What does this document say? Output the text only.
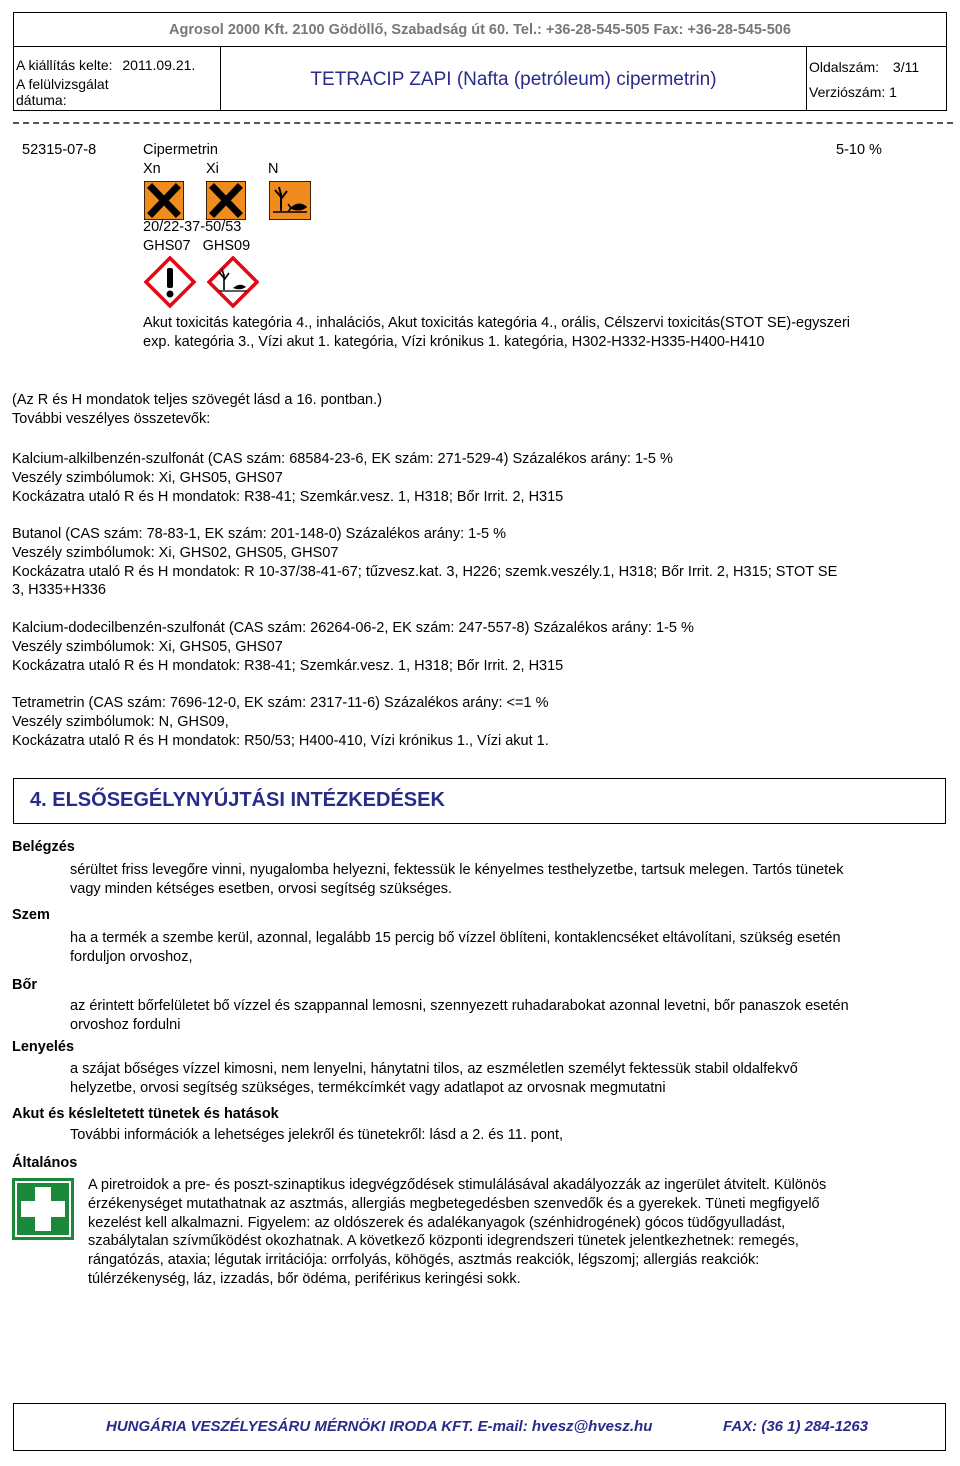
Agrosol 2000 Kft. 2100 Gödöllő, Szabadság út 60. Tel.: +36-28-545-505 Fax: +36-28-545-506
TETRACIP ZAPI (Nafta (petróleum) cipermetrin)
A kiállítás kelte: 2011.09.21.
A felülvizsgálat
dátuma:
Oldalszám: 3/11
Verziószám: 1
52315-07-8	Cipermetrin	5-10 %
Xn	Xi	N
20/22-37-50/53
GHS07   GHS09
Akut toxicitás kategória 4., inhalációs, Akut toxicitás kategória 4., orális, Célszervi toxicitás(STOT SE)-egyszeri
exp. kategória 3., Vízi akut 1. kategória, Vízi krónikus 1. kategória, H302-H332-H335-H400-H410
(Az R és H mondatok teljes szövegét lásd a 16. pontban.)
További veszélyes összetevők:
Kalcium-alkilbenzén-szulfonát (CAS szám: 68584-23-6, EK szám: 271-529-4) Százalékos arány: 1-5 %
Veszély szimbólumok: Xi, GHS05, GHS07
Kockázatra utaló R és H mondatok: R38-41; Szemkár.vesz. 1, H318; Bőr Irrit. 2, H315
Butanol (CAS szám: 78-83-1, EK szám: 201-148-0) Százalékos arány: 1-5 %
Veszély szimbólumok: Xi, GHS02, GHS05, GHS07
Kockázatra utaló R és H mondatok: R 10-37/38-41-67; tűzvesz.kat. 3, H226; szemk.veszély.1, H318; Bőr Irrit. 2, H315; STOT SE
3, H335+H336
Kalcium-dodecilbenzén-szulfonát (CAS szám: 26264-06-2, EK szám: 247-557-8) Százalékos arány: 1-5 %
Veszély szimbólumok: Xi, GHS05, GHS07
Kockázatra utaló R és H mondatok: R38-41; Szemkár.vesz. 1, H318; Bőr Irrit. 2, H315
Tetrametrin (CAS szám: 7696-12-0, EK szám: 2317-11-6) Százalékos arány: <=1 %
Veszély szimbólumok: N, GHS09,
Kockázatra utaló R és H mondatok: R50/53; H400-410, Vízi krónikus 1., Vízi akut 1.
4. ELSŐSEGÉLYNYÚJTÁSI INTÉZKEDÉSEK
Belégzés
sérültet friss levegőre vinni, nyugalomba helyezni, fektessük le kényelmes testhelyzetbe, tartsuk melegen. Tartós tünetek
vagy minden kétséges esetben, orvosi segítség szükséges.
Szem
ha a termék a szembe kerül, azonnal, legalább 15 percig bő vízzel öblíteni, kontaklencséket eltávolítani, szükség esetén
forduljon orvoshoz,
Bőr
az érintett bőrfelületet bő vízzel és szappannal lemosni, szennyezett ruhadarabokat azonnal levetni, bőr panaszok esetén
orvoshoz fordulni
Lenyelés
a szájat bőséges vízzel kimosni, nem lenyelni, hánytatni tilos, az eszméletlen személyt fektessük stabil oldalfekvő
helyzetbe, orvosi segítség szükséges, termékcímkét vagy adatlapot az orvosnak megmutatni
Akut és késleltetett tünetek és hatások
További információk a lehetséges jelekről és tünetekről: lásd a 2. és 11. pont,
Általános
A piretroidok a pre- és poszt-szinaptikus idegvégződések stimulálásával akadályozzák az ingerület átvitelt. Különös
érzékenységet mutathatnak az asztmás, allergiás megbetegedésben szenvedők és a gyerekek. Tüneti megfigyelő
kezelést kell alkalmazni. Figyelem: az oldószerek és adalékanyagok (szénhidrogének) gócos tüdőgyulladást,
szabálytalan szívműködést okozhatnak. A következő központi idegrendszeri tünetek jelentkezhetnek: remegés,
rángatózás, ataxia; légutak irritációja: orrfolyás, köhögés, asztmás reakciók, légszomj; allergiás reakciók:
túlérzékenység, láz, izzadás, bőr ödéma, perifériкus keringési sokk.
HUNGÁRIA VESZÉLYESÁRU MÉRNÖKI IRODA KFT. E-mail: hvesz@hvesz.hu	FAX: (36 1) 284-1263
